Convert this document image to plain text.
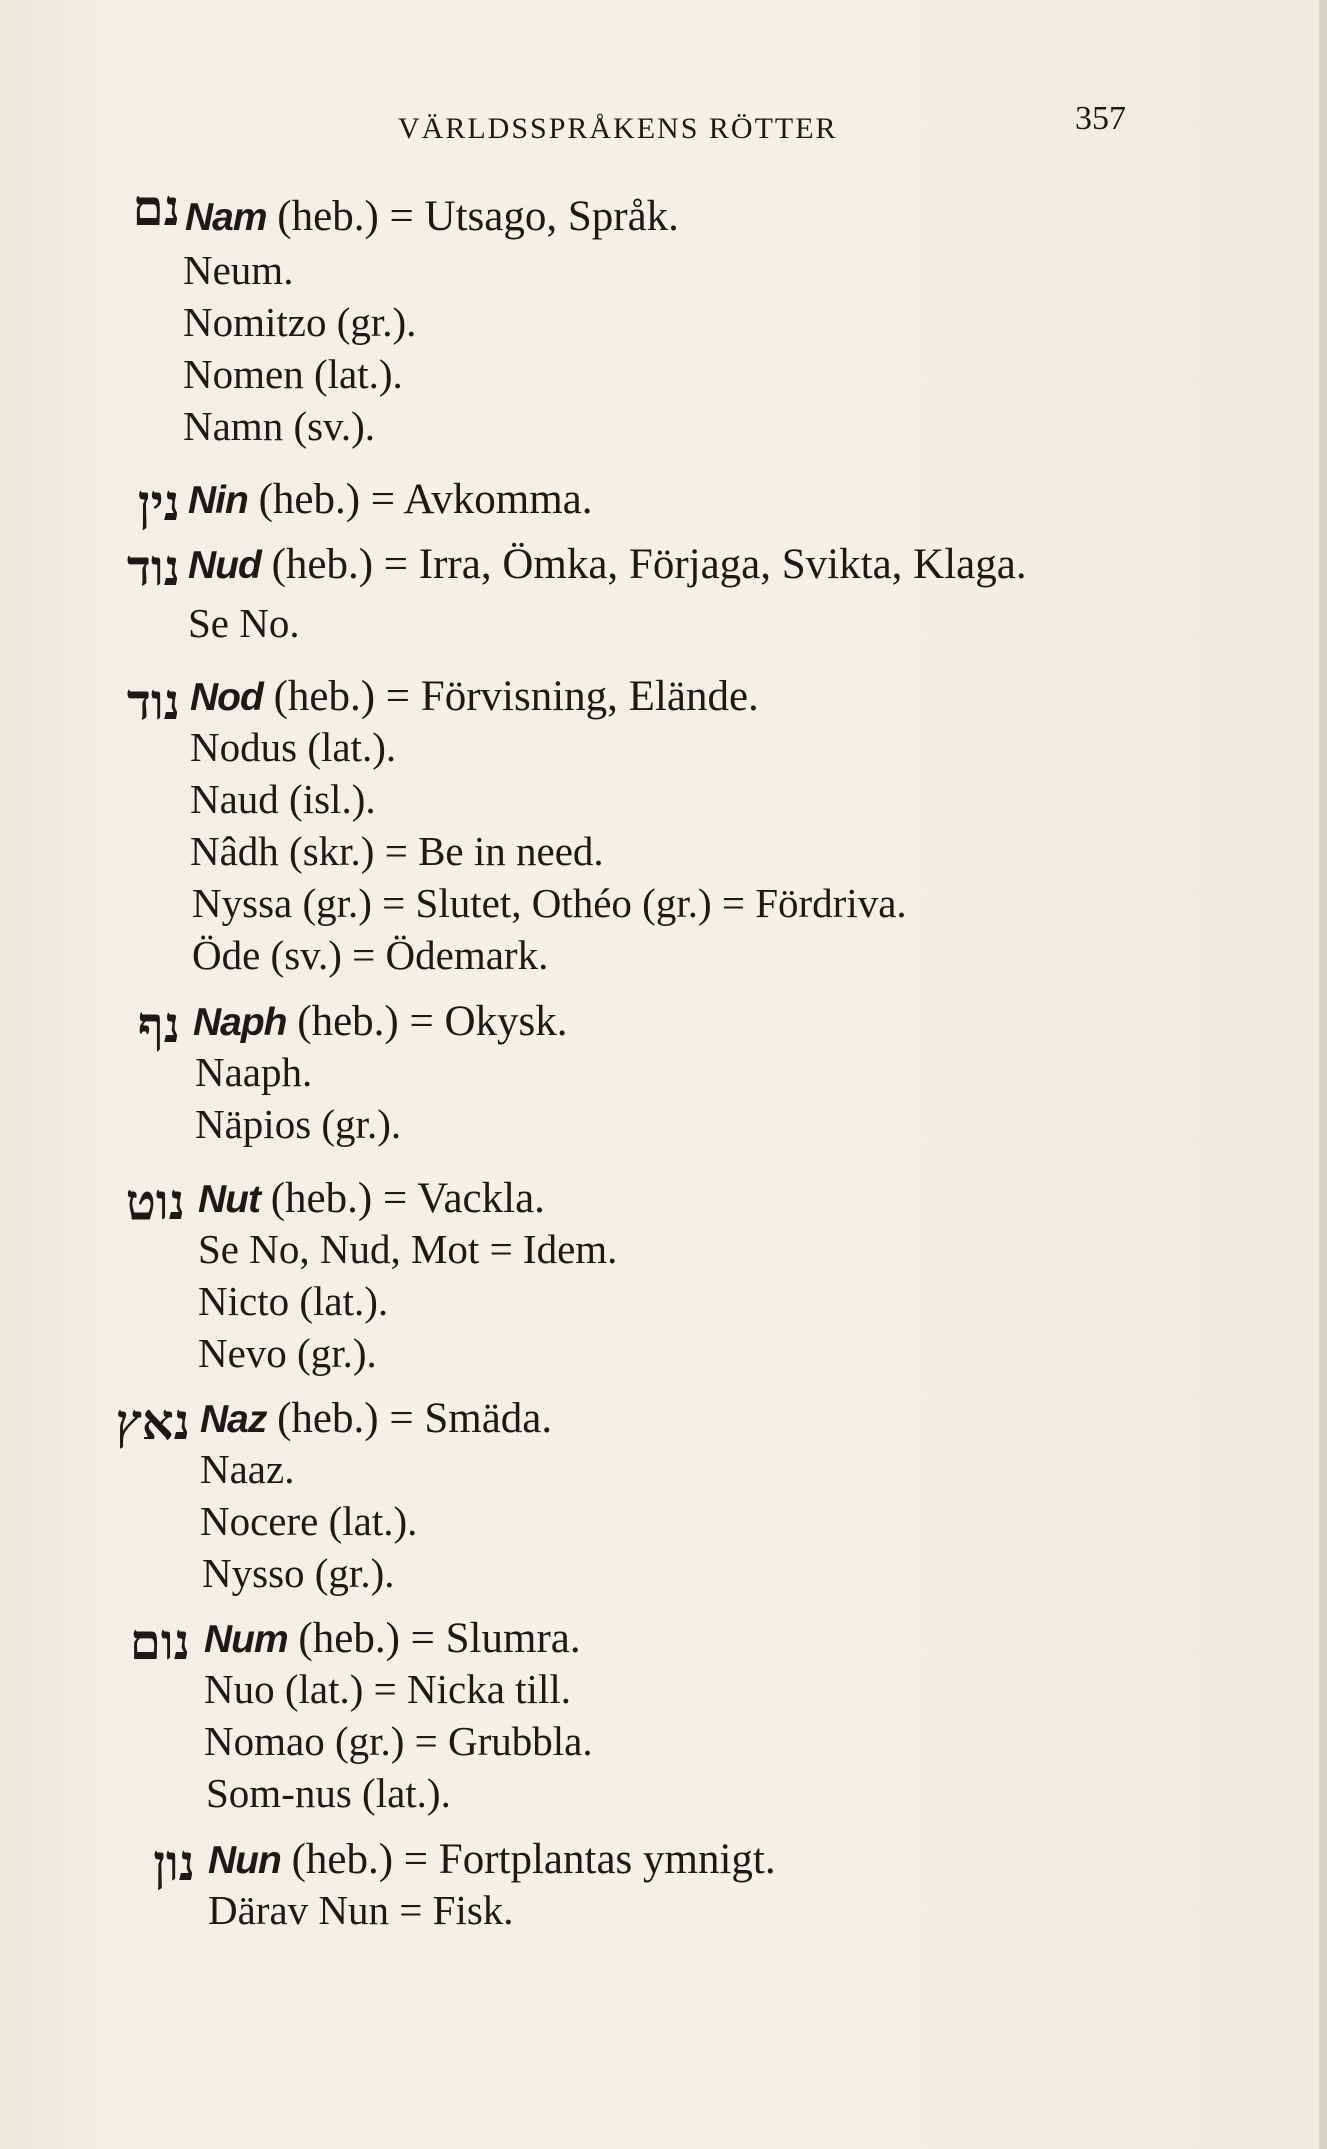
VÄRLDSSPRÅKENS RÖTTER	357
נם Nam (heb.) = Utsago, Språk.
Neum.
Nomitzo (gr.).
Nomen (lat.).
Namn (sv.).
נין Nin (heb.) = Avkomma.
נוד Nud (heb.) = Irra, Ömka, Förjaga, Svikta, Klaga.
Se No.
נוד Nod (heb.) = Förvisning, Elände.
Nodus (lat.).
Naud (isl.).
Nâdh (skr.) = Be in need.
Nyssa (gr.) = Slutet, Othéo (gr.) = Fördriva.
Öde (sv.) = Ödemark.
נף Naph (heb.) = Okysk.
Naaph.
Näpios (gr.).
נוט Nut (heb.) = Vackla.
Se No, Nud, Mot = Idem.
Nicto (lat.).
Nevo (gr.).
נאץ Naz (heb.) = Smäda.
Naaz.
Nocere (lat.).
Nysso (gr.).
נום Num (heb.) = Slumra.
Nuo (lat.) = Nicka till.
Nomao (gr.) = Grubbla.
Som-nus (lat.).
נון Nun (heb.) = Fortplantas ymnigt.
Därav Nun = Fisk.
